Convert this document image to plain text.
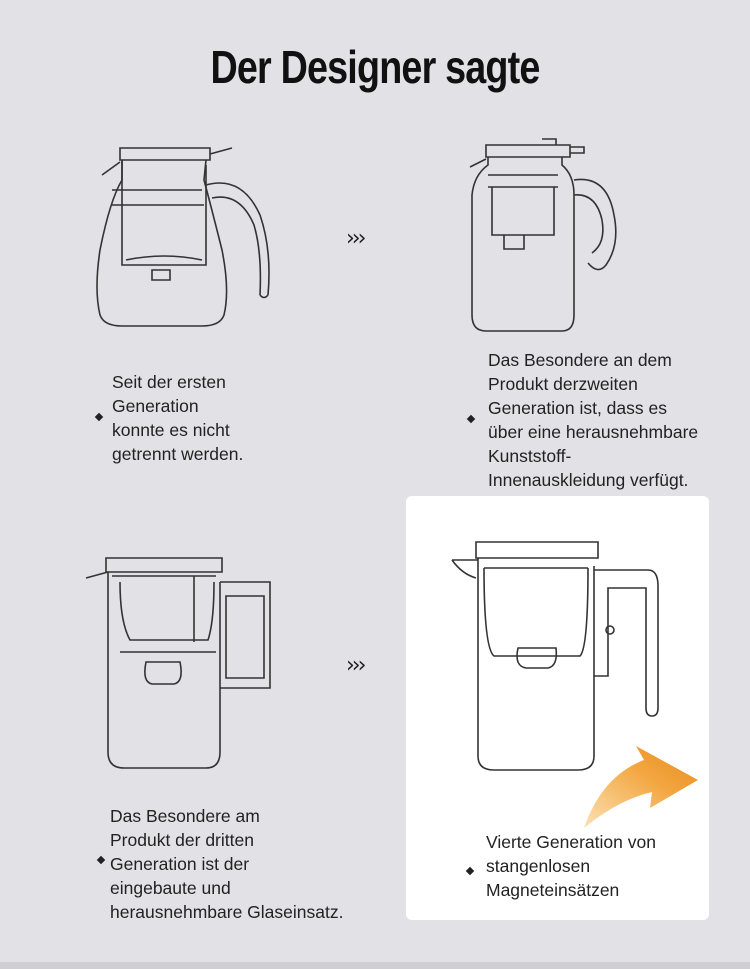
Der Designer sagte
›››
Seit der ersten
Generation
konnte es nicht
getrennt werden.
Das Besondere an dem
Produkt derzweiten
Generation ist, dass es
über eine herausnehmbare
Kunststoff-
Innenauskleidung verfügt.
›››
Das Besondere am
Produkt der dritten
Generation ist der
eingebaute und
herausnehmbare Glaseinsatz.
Vierte Generation von
stangenlosen
Magneteinsätzen
